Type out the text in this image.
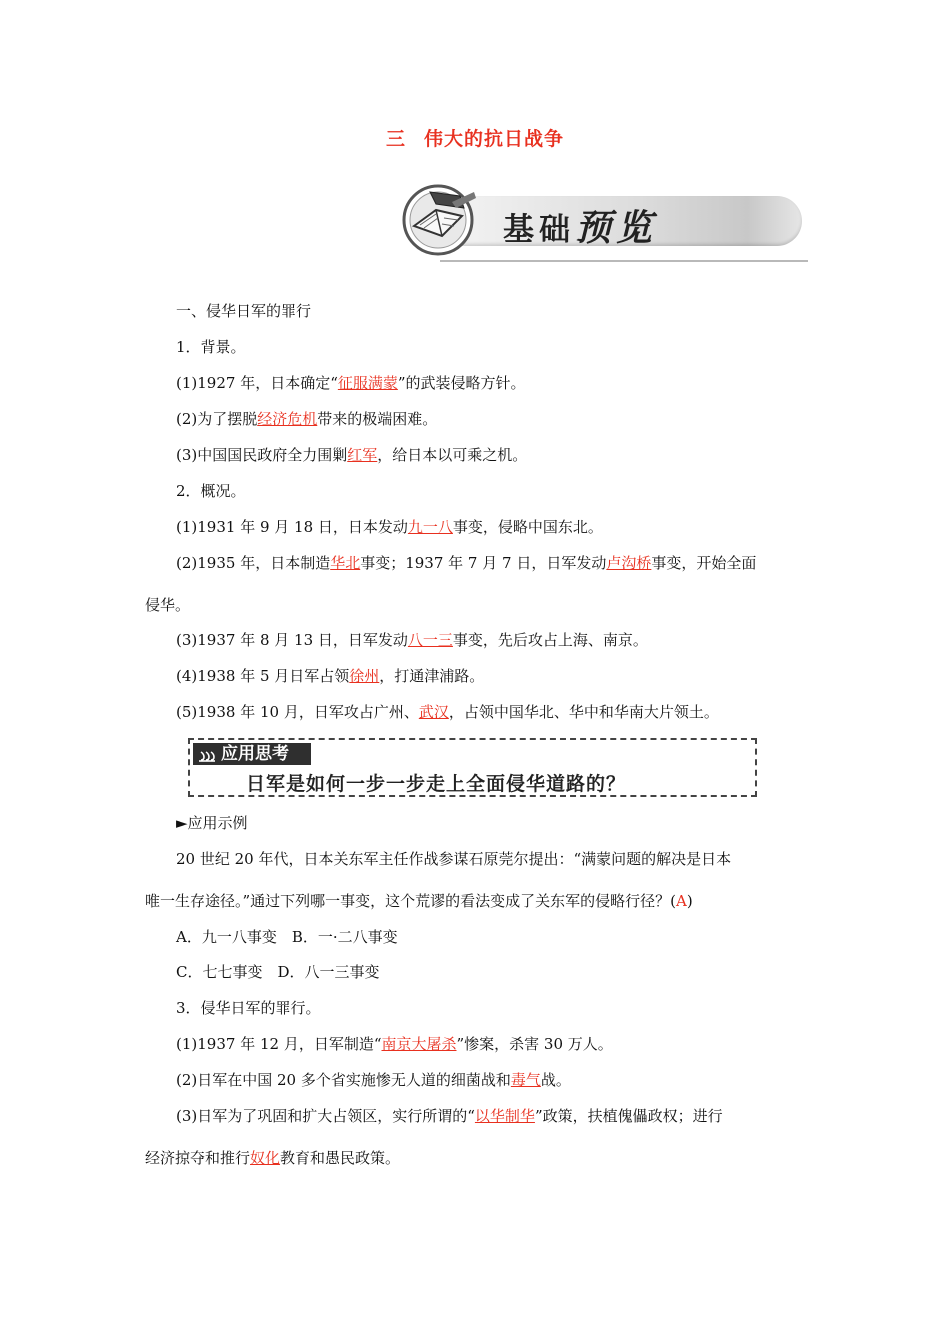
三 伟大的抗日战争
基础预览
一、侵华日军的罪行
1．背景。
(1)1927 年，日本确定“征服满蒙”的武装侵略方针。
(2)为了摆脱经济危机带来的极端困难。
(3)中国国民政府全力围剿红军，给日本以可乘之机。
2．概况。
(1)1931 年 9 月 18 日，日本发动九一八事变，侵略中国东北。
(2)1935 年，日本制造华北事变；1937 年 7 月 7 日，日军发动卢沟桥事变，开始全面
侵华。
(3)1937 年 8 月 13 日，日军发动八一三事变，先后攻占上海、南京。
(4)1938 年 5 月日军占领徐州，打通津浦路。
(5)1938 年 10 月，日军攻占广州、武汉，占领中国华北、华中和华南大片领土。
►应用示例
20 世纪 20 年代，日本关东军主任作战参谋石原莞尔提出：“满蒙问题的解决是日本
唯一生存途径。”通过下列哪一事变，这个荒谬的看法变成了关东军的侵略行径？(A)
A．九一八事变　B．一·二八事变
C．七七事变　D．八一三事变
3．侵华日军的罪行。
(1)1937 年 12 月，日军制造“南京大屠杀”惨案，杀害 30 万人。
(2)日军在中国 20 多个省实施惨无人道的细菌战和毒气战。
(3)日军为了巩固和扩大占领区，实行所谓的“以华制华”政策，扶植傀儡政权；进行
经济掠夺和推行奴化教育和愚民政策。
应用思考
日军是如何一步一步走上全面侵华道路的？
